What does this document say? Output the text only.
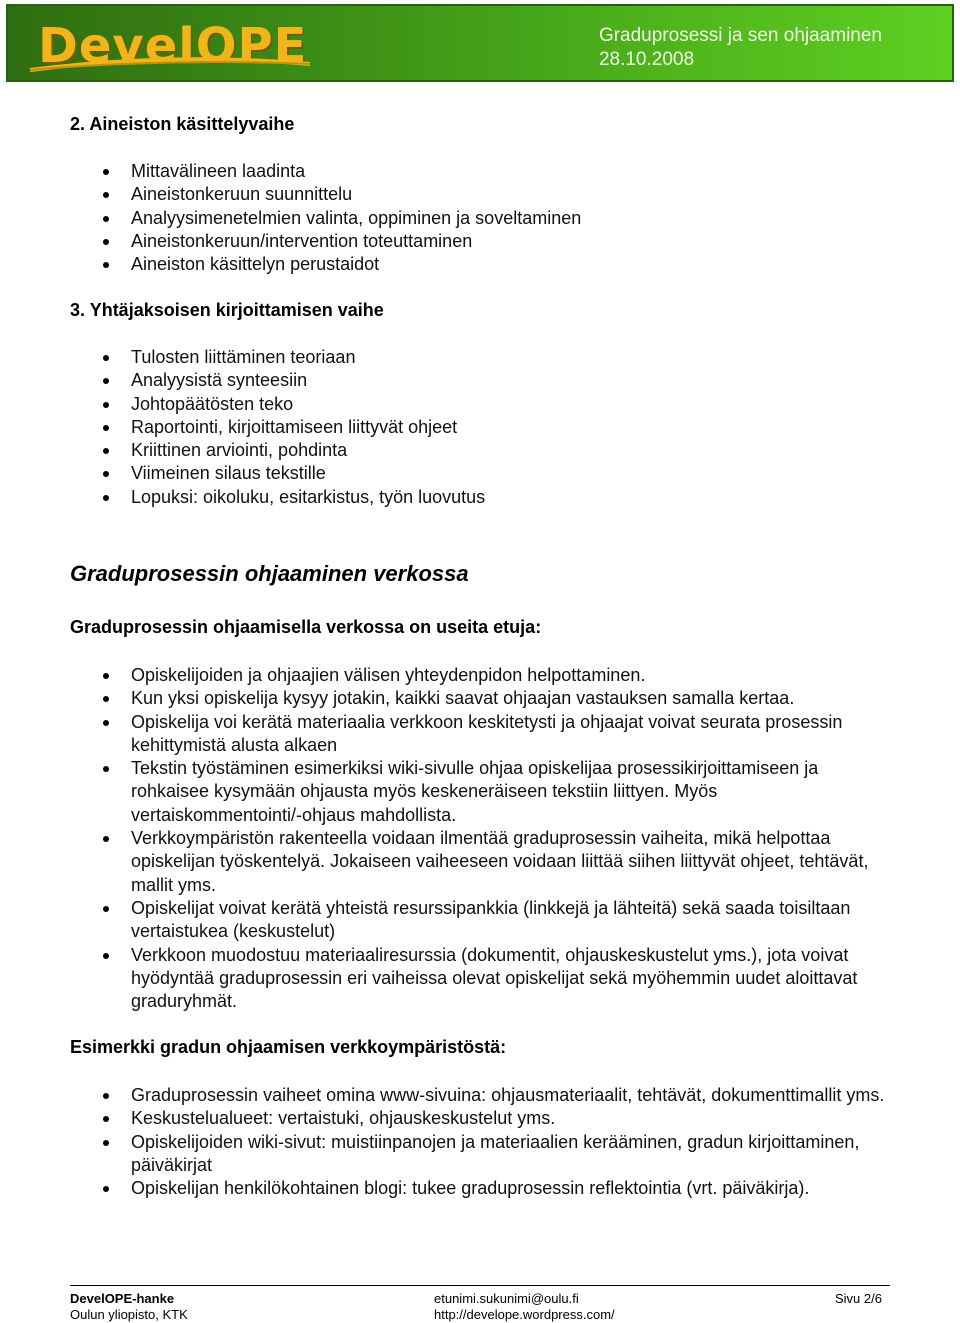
DevelOPE	Graduprosessi ja sen ohjaaminen
28.10.2008
2. Aineiston käsittelyvaihe
Mittavälineen laadinta
Aineistonkeruun suunnittelu
Analyysimenetelmien valinta, oppiminen ja soveltaminen
Aineistonkeruun/intervention toteuttaminen
Aineiston käsittelyn perustaidot
3. Yhtäjaksoisen kirjoittamisen vaihe
Tulosten liittäminen teoriaan
Analyysistä synteesiin
Johtopäätösten teko
Raportointi, kirjoittamiseen liittyvät ohjeet
Kriittinen arviointi, pohdinta
Viimeinen silaus tekstille
Lopuksi: oikoluku, esitarkistus, työn luovutus
Graduprosessin ohjaaminen verkossa
Graduprosessin ohjaamisella verkossa on useita etuja:
Opiskelijoiden ja ohjaajien välisen yhteydenpidon helpottaminen.
Kun yksi opiskelija kysyy jotakin, kaikki saavat ohjaajan vastauksen samalla kertaa.
Opiskelija voi kerätä materiaalia verkkoon keskitetysti ja ohjaajat voivat seurata prosessin kehittymistä alusta alkaen
Tekstin työstäminen esimerkiksi wiki-sivulle ohjaa opiskelijaa prosessikirjoittamiseen ja rohkaisee kysymään ohjausta myös keskeneräiseen tekstiin liittyen. Myös vertaiskommentointi/-ohjaus mahdollista.
Verkkoympäristön rakenteella voidaan ilmentää graduprosessin vaiheita, mikä helpottaa opiskelijan työskentelyä. Jokaiseen vaiheeseen voidaan liittää siihen liittyvät ohjeet, tehtävät, mallit yms.
Opiskelijat voivat kerätä yhteistä resurssipankkia (linkkejä ja lähteitä) sekä saada toisiltaan vertaistukea (keskustelut)
Verkkoon muodostuu materiaaliresurssia (dokumentit, ohjauskeskustelut yms.), jota voivat hyödyntää graduprosessin eri vaiheissa olevat opiskelijat sekä myöhemmin uudet aloittavat graduryhmät.
Esimerkki gradun ohjaamisen verkkoympäristöstä:
Graduprosessin vaiheet omina www-sivuina: ohjausmateriaalit, tehtävät, dokumenttimallit yms.
Keskustelualueet: vertaistuki, ohjauskeskustelut yms.
Opiskelijoiden wiki-sivut: muistiinpanojen ja materiaalien kerääminen, gradun kirjoittaminen, päiväkirjat
Opiskelijan henkilökohtainen blogi: tukee graduprosessin reflektointia (vrt. päiväkirja).
DevelOPE-hanke
Oulun yliopisto, KTK
etunimi.sukunimi@oulu.fi
http://develope.wordpress.com/
Sivu 2/6
